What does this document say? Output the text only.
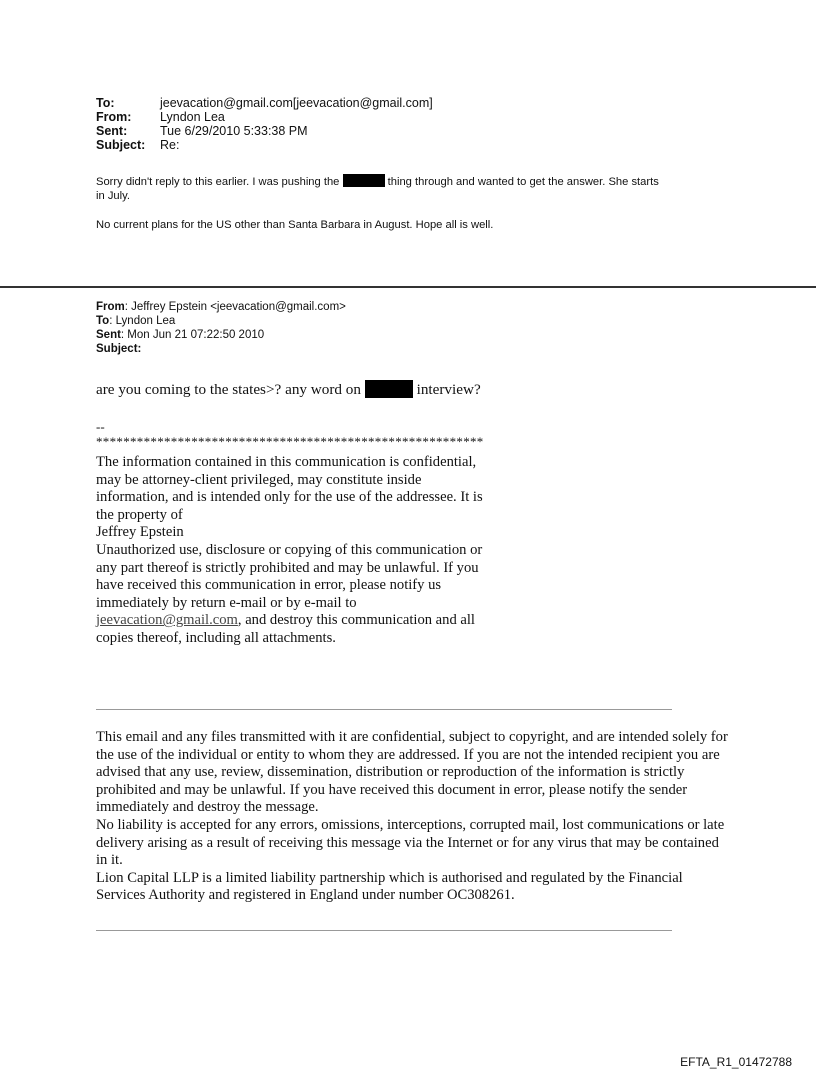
To:	jeevacation@gmail.com[jeevacation@gmail.com]
From:	Lyndon Lea
Sent:	Tue 6/29/2010 5:33:38 PM
Subject:	Re:
Sorry didn't reply to this earlier. I was pushing the	thing through and wanted to get the answer. She starts
in July.
No current plans for the US other than Santa Barbara in August. Hope all is well.
From: Jeffrey Epstein <jeevacation@gmail.com>
To: Lyndon Lea
Sent: Mon Jun 21 07:22:50 2010
Subject:
are you coming to the states>? any word on	interview?
--
*********************************************************
The information contained in this communication is confidential, may be attorney-client privileged, may constitute inside information, and is intended only for the use of the addressee. It is the property of
Jeffrey Epstein
Unauthorized use, disclosure or copying of this communication or any part thereof is strictly prohibited and may be unlawful. If you have received this communication in error, please notify us immediately by return e-mail or by e-mail to jeevacation@gmail.com, and destroy this communication and all copies thereof, including all attachments.
This email and any files transmitted with it are confidential, subject to copyright, and are intended solely for the use of the individual or entity to whom they are addressed. If you are not the intended recipient you are advised that any use, review, dissemination, distribution or reproduction of the information is strictly prohibited and may be unlawful. If you have received this document in error, please notify the sender immediately and destroy the message.
No liability is accepted for any errors, omissions, interceptions, corrupted mail, lost communications or late delivery arising as a result of receiving this message via the Internet or for any virus that may be contained in it.
Lion Capital LLP is a limited liability partnership which is authorised and regulated by the Financial Services Authority and registered in England under number OC308261.
EFTA_R1_01472788
